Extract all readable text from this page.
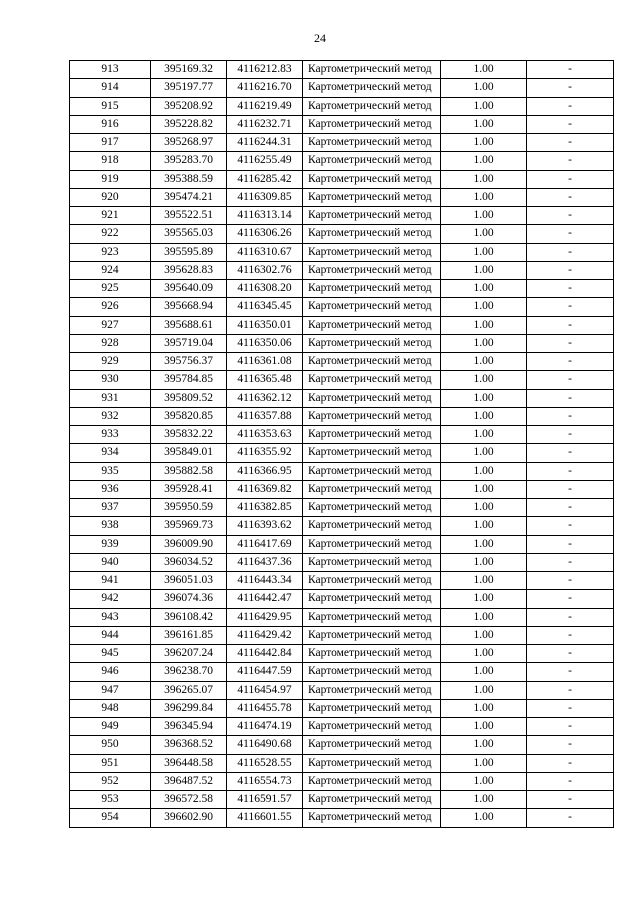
24
913	395169.32	4116212.83	Картометрический метод	1.00	-
914	395197.77	4116216.70	Картометрический метод	1.00	-
915	395208.92	4116219.49	Картометрический метод	1.00	-
916	395228.82	4116232.71	Картометрический метод	1.00	-
917	395268.97	4116244.31	Картометрический метод	1.00	-
918	395283.70	4116255.49	Картометрический метод	1.00	-
919	395388.59	4116285.42	Картометрический метод	1.00	-
920	395474.21	4116309.85	Картометрический метод	1.00	-
921	395522.51	4116313.14	Картометрический метод	1.00	-
922	395565.03	4116306.26	Картометрический метод	1.00	-
923	395595.89	4116310.67	Картометрический метод	1.00	-
924	395628.83	4116302.76	Картометрический метод	1.00	-
925	395640.09	4116308.20	Картометрический метод	1.00	-
926	395668.94	4116345.45	Картометрический метод	1.00	-
927	395688.61	4116350.01	Картометрический метод	1.00	-
928	395719.04	4116350.06	Картометрический метод	1.00	-
929	395756.37	4116361.08	Картометрический метод	1.00	-
930	395784.85	4116365.48	Картометрический метод	1.00	-
931	395809.52	4116362.12	Картометрический метод	1.00	-
932	395820.85	4116357.88	Картометрический метод	1.00	-
933	395832.22	4116353.63	Картометрический метод	1.00	-
934	395849.01	4116355.92	Картометрический метод	1.00	-
935	395882.58	4116366.95	Картометрический метод	1.00	-
936	395928.41	4116369.82	Картометрический метод	1.00	-
937	395950.59	4116382.85	Картометрический метод	1.00	-
938	395969.73	4116393.62	Картометрический метод	1.00	-
939	396009.90	4116417.69	Картометрический метод	1.00	-
940	396034.52	4116437.36	Картометрический метод	1.00	-
941	396051.03	4116443.34	Картометрический метод	1.00	-
942	396074.36	4116442.47	Картометрический метод	1.00	-
943	396108.42	4116429.95	Картометрический метод	1.00	-
944	396161.85	4116429.42	Картометрический метод	1.00	-
945	396207.24	4116442.84	Картометрический метод	1.00	-
946	396238.70	4116447.59	Картометрический метод	1.00	-
947	396265.07	4116454.97	Картометрический метод	1.00	-
948	396299.84	4116455.78	Картометрический метод	1.00	-
949	396345.94	4116474.19	Картометрический метод	1.00	-
950	396368.52	4116490.68	Картометрический метод	1.00	-
951	396448.58	4116528.55	Картометрический метод	1.00	-
952	396487.52	4116554.73	Картометрический метод	1.00	-
953	396572.58	4116591.57	Картометрический метод	1.00	-
954	396602.90	4116601.55	Картометрический метод	1.00	-
